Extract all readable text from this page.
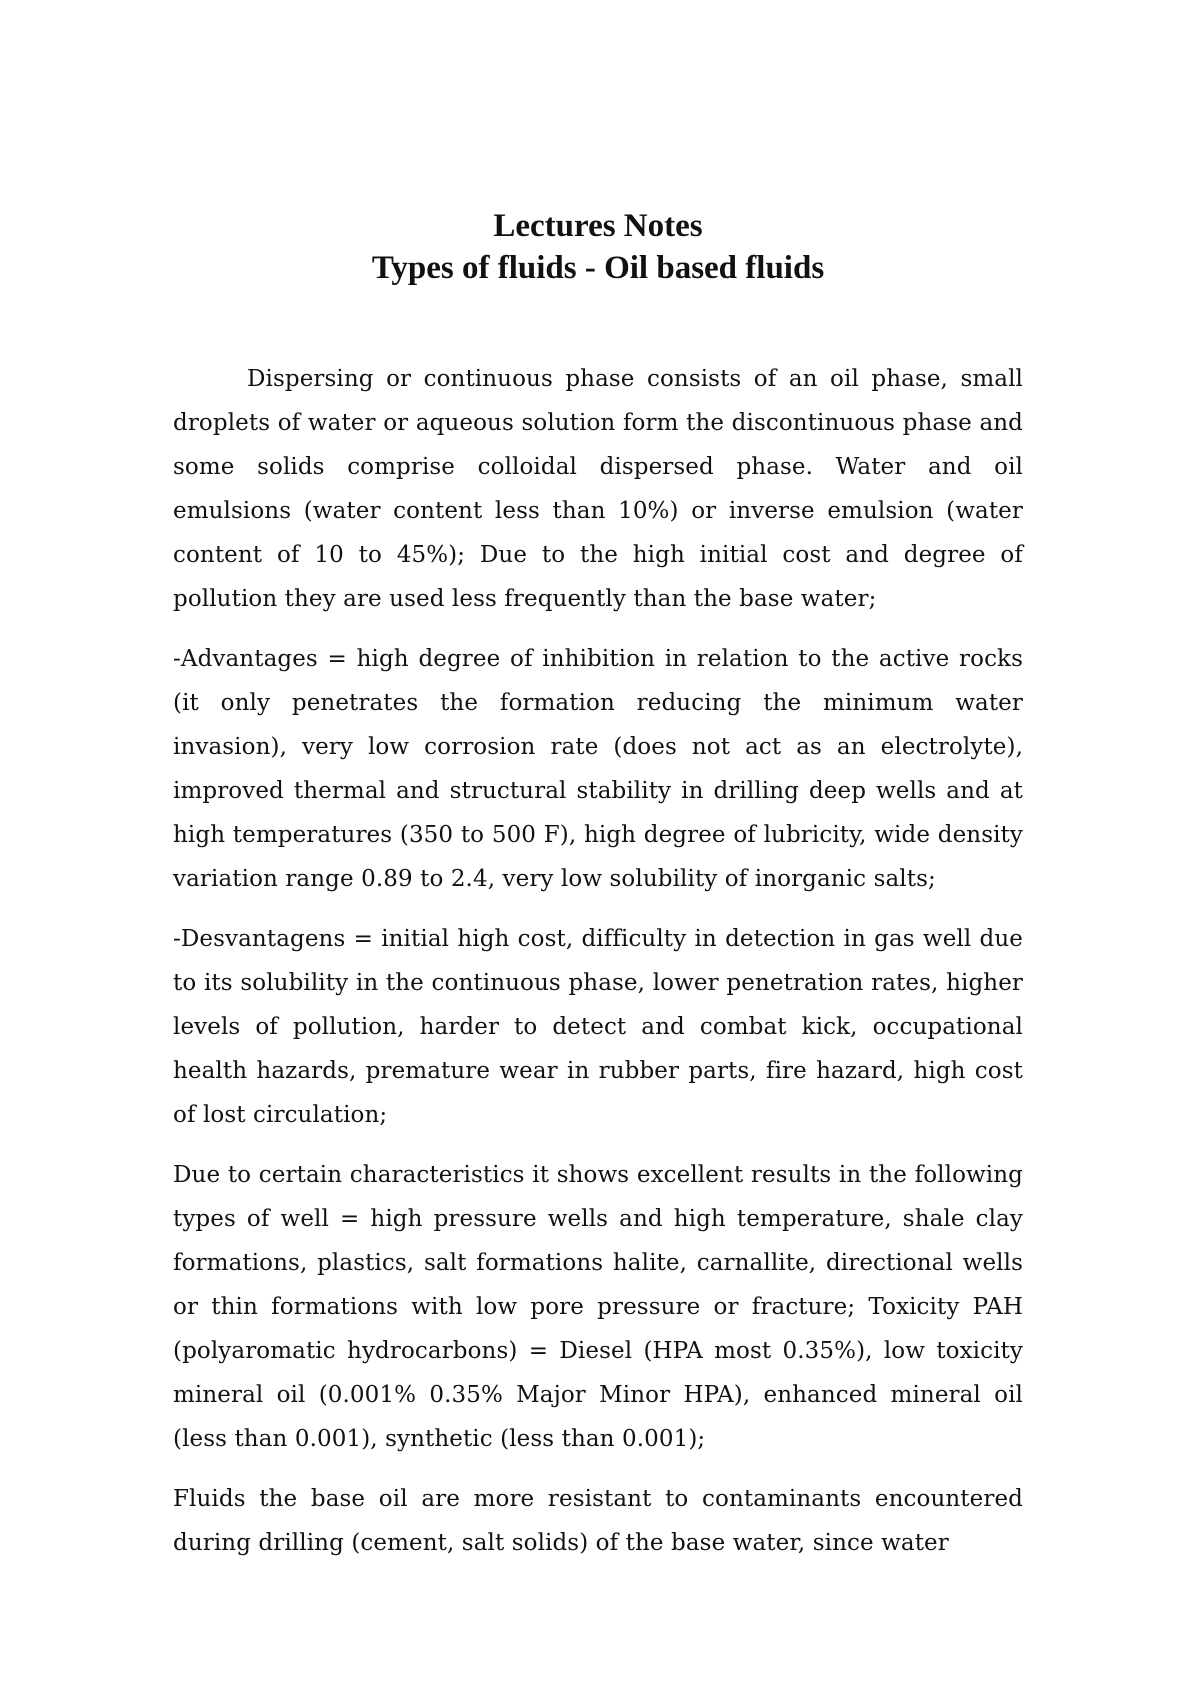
Lectures Notes
Types of fluids - Oil based fluids

Dispersing or continuous phase consists of an oil phase, small droplets of water or aqueous solution form the discontinuous phase and some solids comprise colloidal dispersed phase. Water and oil emulsions (water content less than 10%) or inverse emulsion (water content of 10 to 45%); Due to the high initial cost and degree of pollution they are used less frequently than the base water;

-Advantages = high degree of inhibition in relation to the active rocks (it only penetrates the formation reducing the minimum water invasion), very low corrosion rate (does not act as an electrolyte), improved thermal and structural stability in drilling deep wells and at high temperatures (350 to 500 F), high degree of lubricity, wide density variation range 0.89 to 2.4, very low solubility of inorganic salts;

-Desvantagens = initial high cost, difficulty in detection in gas well due to its solubility in the continuous phase, lower penetration rates, higher levels of pollution, harder to detect and combat kick, occupational health hazards, premature wear in rubber parts, fire hazard, high cost of lost circulation;

Due to certain characteristics it shows excellent results in the following types of well = high pressure wells and high temperature, shale clay formations, plastics, salt formations halite, carnallite, directional wells or thin formations with low pore pressure or fracture; Toxicity PAH (polyaromatic hydrocarbons) = Diesel (HPA most 0.35%), low toxicity mineral oil (0.001% 0.35% Major Minor HPA), enhanced mineral oil (less than 0.001), synthetic (less than 0.001);

Fluids the base oil are more resistant to contaminants encountered during drilling (cement, salt solids) of the base water, since water
